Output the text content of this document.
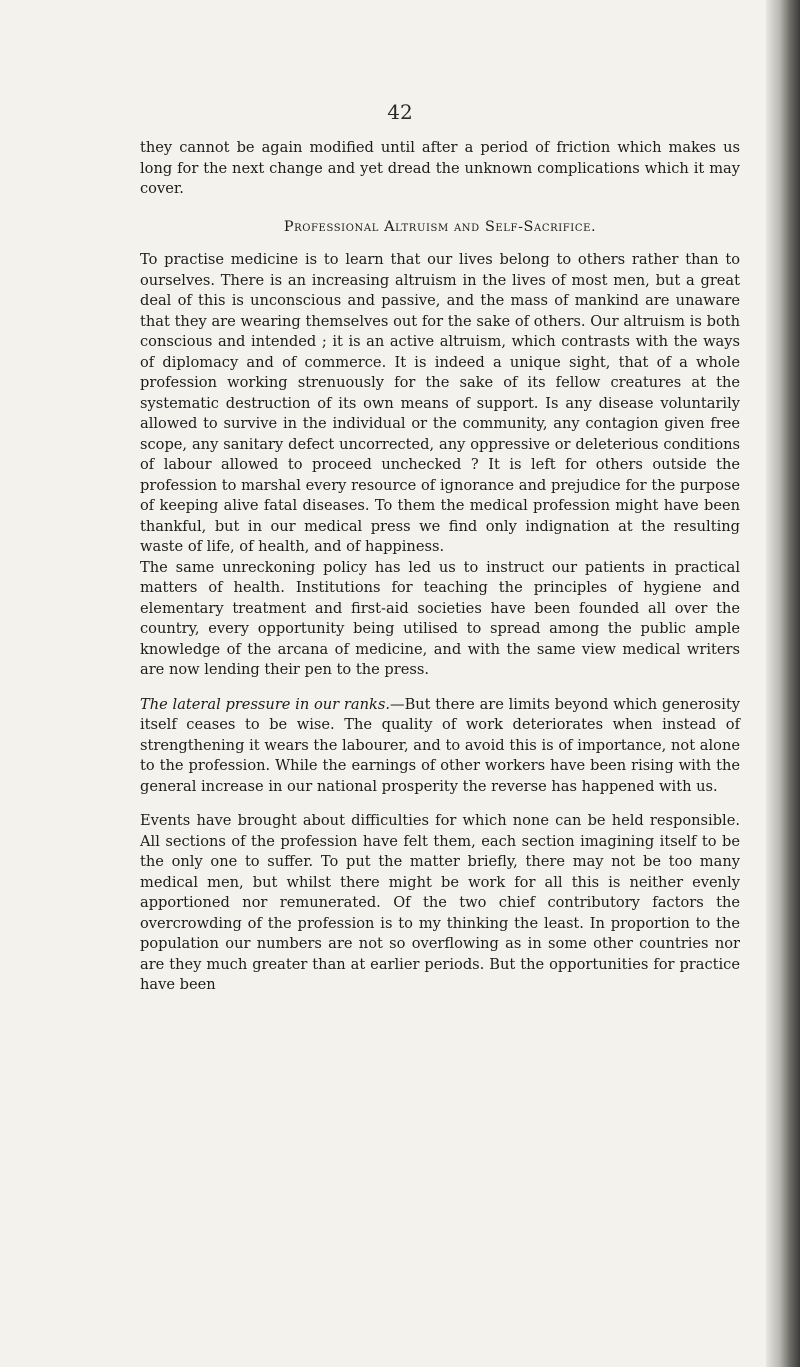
42

they cannot be again modified until after a period of friction which makes us long for the next change and yet dread the unknown complications which it may cover.

Professional Altruism and Self-Sacrifice.

To practise medicine is to learn that our lives belong to others rather than to ourselves. There is an increasing altruism in the lives of most men, but a great deal of this is unconscious and passive, and the mass of mankind are unaware that they are wearing themselves out for the sake of others. Our altruism is both conscious and intended ; it is an active altruism, which contrasts with the ways of diplomacy and of commerce. It is indeed a unique sight, that of a whole profession working strenuously for the sake of its fellow creatures at the systematic destruction of its own means of support. Is any disease voluntarily allowed to survive in the individual or the community, any contagion given free scope, any sanitary defect uncorrected, any oppressive or deleterious conditions of labour allowed to proceed unchecked ? It is left for others outside the profession to marshal every resource of ignorance and prejudice for the purpose of keeping alive fatal diseases. To them the medical profession might have been thankful, but in our medical press we find only indignation at the resulting waste of life, of health, and of happiness.

The same unreckoning policy has led us to instruct our patients in practical matters of health. Institutions for teaching the principles of hygiene and elementary treatment and first-aid societies have been founded all over the country, every opportunity being utilised to spread among the public ample knowledge of the arcana of medicine, and with the same view medical writers are now lending their pen to the press.

The lateral pressure in our ranks.—But there are limits beyond which generosity itself ceases to be wise. The quality of work deteriorates when instead of strengthening it wears the labourer, and to avoid this is of importance, not alone to the profession. While the earnings of other workers have been rising with the general increase in our national prosperity the reverse has happened with us.

Events have brought about difficulties for which none can be held responsible. All sections of the profession have felt them, each section imagining itself to be the only one to suffer. To put the matter briefly, there may not be too many medical men, but whilst there might be work for all this is neither evenly apportioned nor remunerated. Of the two chief contributory factors the overcrowding of the profession is to my thinking the least. In proportion to the population our numbers are not so overflowing as in some other countries nor are they much greater than at earlier periods. But the opportunities for practice have been
